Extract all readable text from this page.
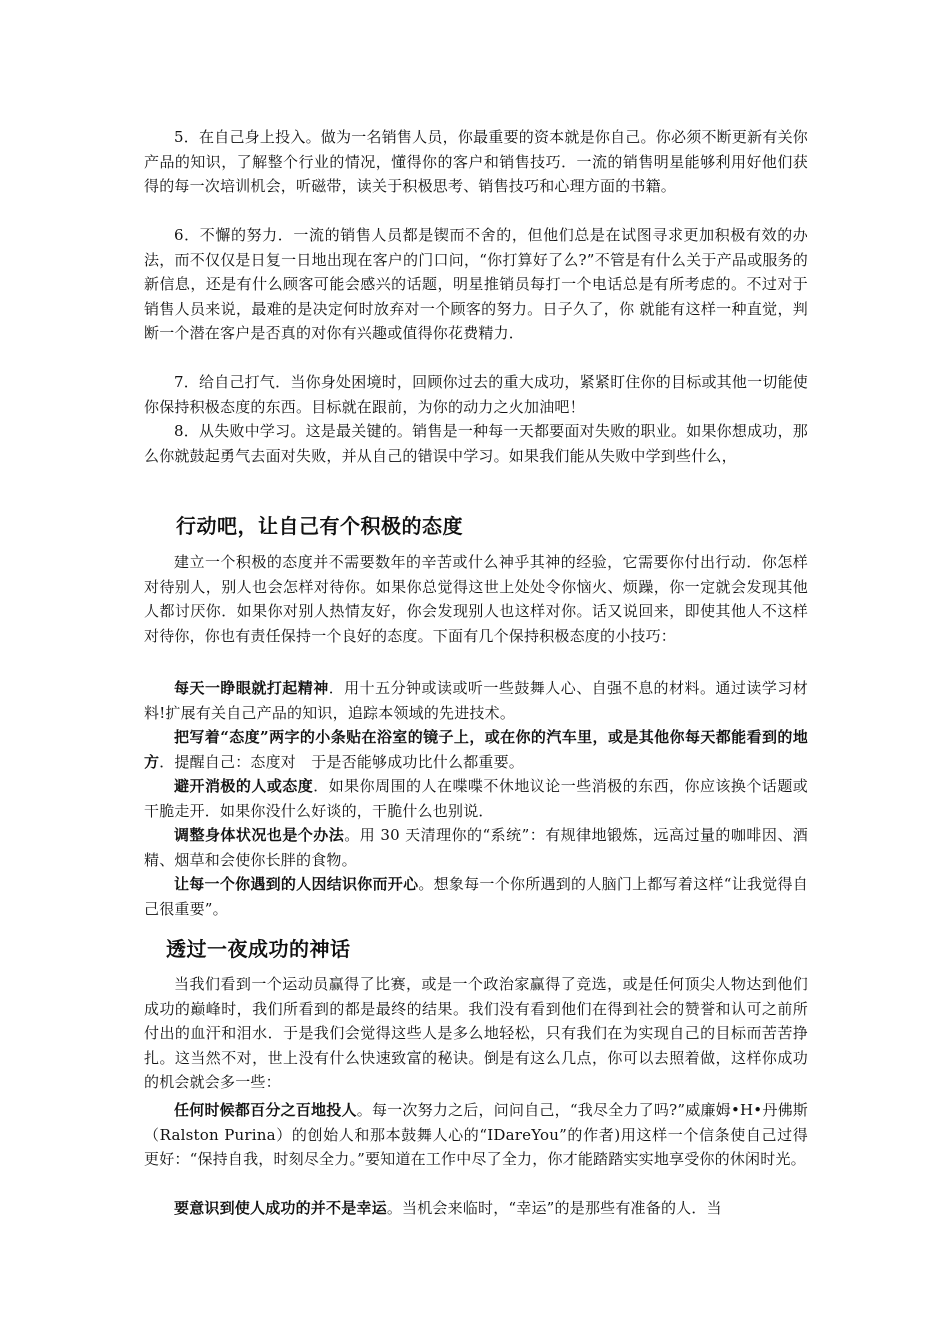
5．在自己身上投入。做为一名销售人员，你最重要的资本就是你自己。你必须不断更新有关你产品的知识，了解整个行业的情况，懂得你的客户和销售技巧．一流的销售明星能够利用好他们获得的每一次培训机会，听磁带，读关于积极思考、销售技巧和心理方面的书籍。

6．不懈的努力．一流的销售人员都是锲而不舍的，但他们总是在试图寻求更加积极有效的办法，而不仅仅是日复一日地出现在客户的门口问，“你打算好了么?”不管是有什么关于产品或服务的新信息，还是有什么顾客可能会感兴的话题，明星推销员每打一个电话总是有所考虑的。不过对于销售人员来说，最难的是决定何时放弃对一个顾客的努力。日子久了，你 就能有这样一种直觉，判断一个潜在客户是否真的对你有兴趣或值得你花费精力．

7．给自己打气．当你身处困境时，回顾你过去的重大成功，紧紧盯住你的目标或其他一切能使你保持积极态度的东西。目标就在跟前，为你的动力之火加油吧！

8．从失败中学习。这是最关键的。销售是一种每一天都要面对失败的职业。如果你想成功，那么你就鼓起勇气去面对失败，并从自己的错误中学习。如果我们能从失败中学到些什么，

行动吧，让自己有个积极的态度

建立一个积极的态度并不需要数年的辛苦或什么神乎其神的经验，它需要你付出行动．你怎样对待别人，别人也会怎样对待你。如果你总觉得这世上处处令你恼火、烦躁，你一定就会发现其他人都讨厌你．如果你对别人热情友好，你会发现别人也这样对你。话又说回来，即使其他人不这样对待你，你也有责任保持一个良好的态度。下面有几个保持积极态度的小技巧：

每天一睁眼就打起精神．用十五分钟或读或听一些鼓舞人心、自强不息的材料。通过读学习材料!扩展有关自己产品的知识，追踪本领域的先进技术。

把写着“态度”两字的小条贴在浴室的镜子上，或在你的汽车里，或是其他你每天都能看到的地方．提醒自己：态度对　于是否能够成功比什么都重要。

避开消极的人或态度．如果你周围的人在喋喋不休地议论一些消极的东西，你应该换个话题或干脆走开．如果你没什么好谈的，干脆什么也别说．

调整身体状况也是个办法。用 30 天清理你的“系统”：有规律地锻炼，远高过量的咖啡因、酒精、烟草和会使你长胖的食物。

让每一个你遇到的人因结识你而开心。想象每一个你所遇到的人脑门上都写着这样“让我觉得自己很重要”。

透过一夜成功的神话

当我们看到一个运动员赢得了比赛，或是一个政治家赢得了竞选，或是任何顶尖人物达到他们成功的巅峰时，我们所看到的都是最终的结果。我们没有看到他们在得到社会的赞誉和认可之前所付出的血汗和泪水．于是我们会觉得这些人是多么地轻松，只有我们在为实现自己的目标而苦苦挣扎。这当然不对，世上没有什么快速致富的秘诀。倒是有这么几点，你可以去照着做，这样你成功的机会就会多一些：

任何时候都百分之百地投人。每一次努力之后，问问自己，“我尽全力了吗?”威廉姆•H•丹佛斯（Ralston Purina）的创始人和那本鼓舞人心的“IDareYou”的作者)用这样一个信条使自己过得更好：“保持自我，时刻尽全力。”要知道在工作中尽了全力，你才能踏踏实实地享受你的休闲时光。

要意识到使人成功的并不是幸运。当机会来临时，“幸运”的是那些有准备的人．当
